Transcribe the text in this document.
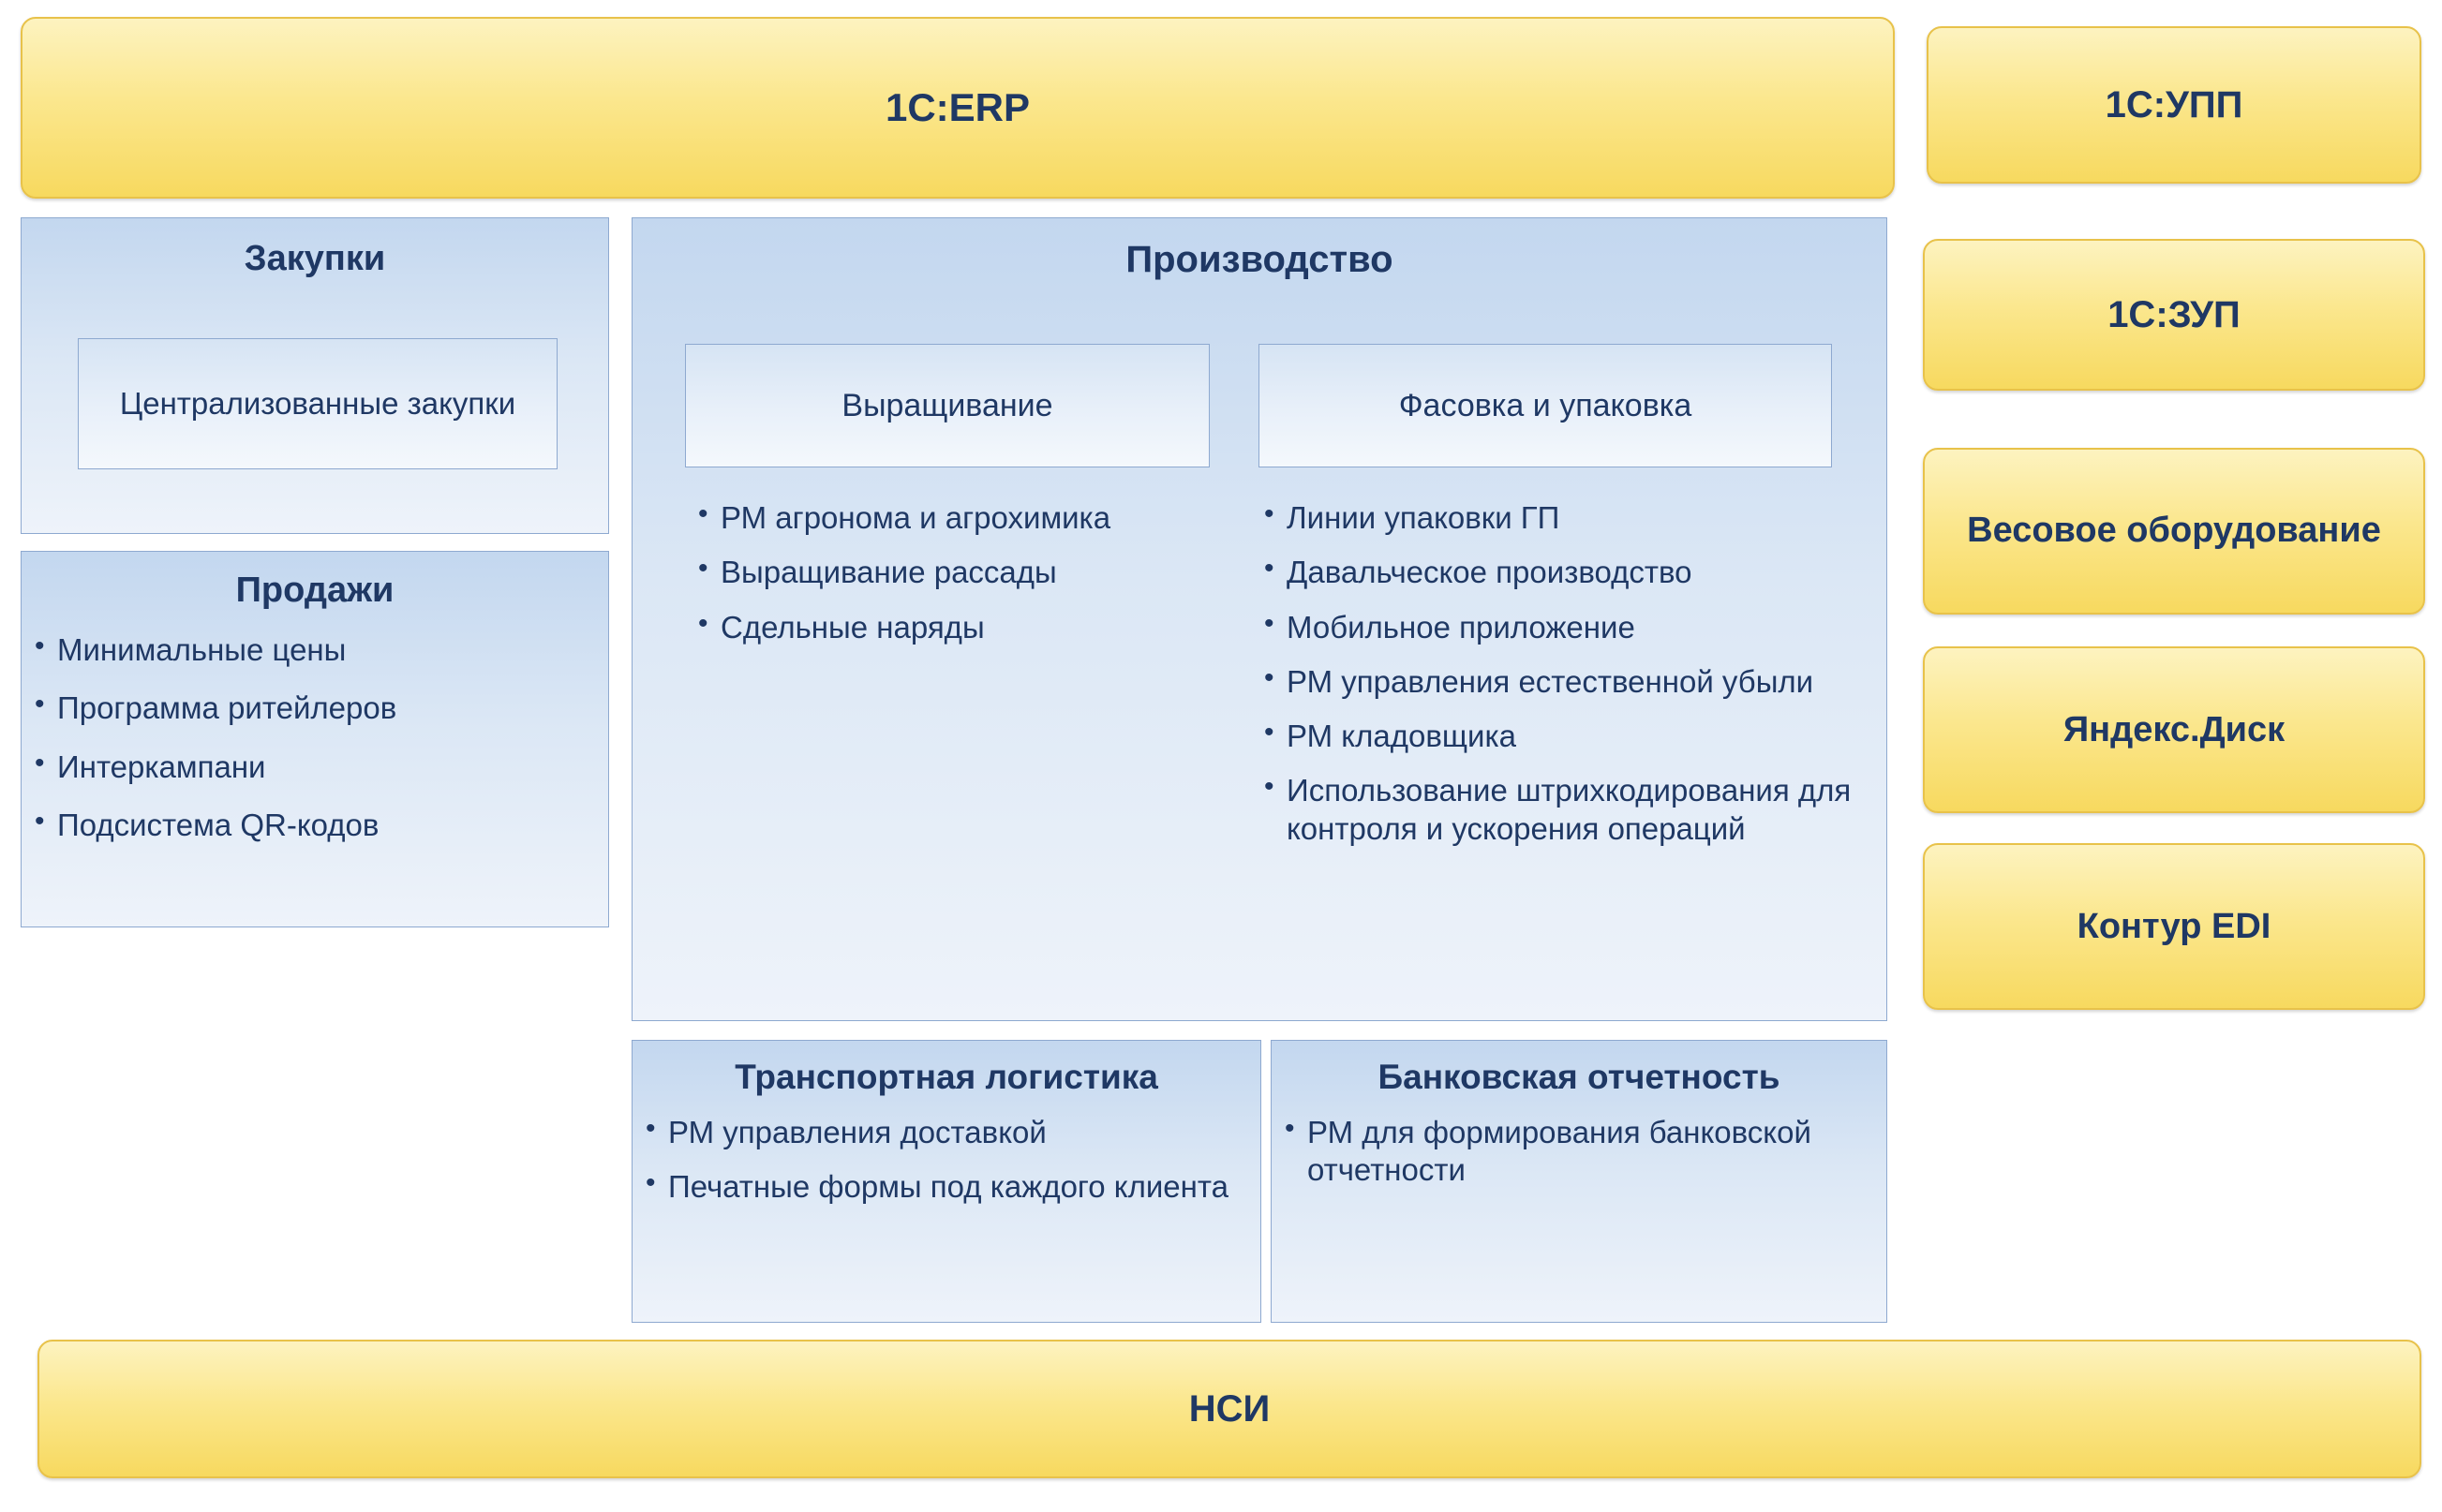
1С:ERP	1С:УПП
1С:ЗУП
Весовое оборудование
Яндекс.Диск
Контур EDI
Закупки
Централизованные закупки
Продажи
• Минимальные цены
• Программа ритейлеров
• Интеркампани
• Подсистема QR-кодов
Производство
Выращивание	Фасовка и упаковка
• РМ агронома и агрохимика
• Выращивание рассады
• Сдельные наряды
• Линии упаковки ГП
• Давальческое производство
• Мобильное приложение
• РМ управления естественной убыли
• РМ кладовщика
• Использование штрихкодирования для контроля и ускорения операций
Транспортная логистика
• РМ управления доставкой
• Печатные формы под каждого клиента
Банковская отчетность
• РМ для формирования банковской отчетности
НСИ
